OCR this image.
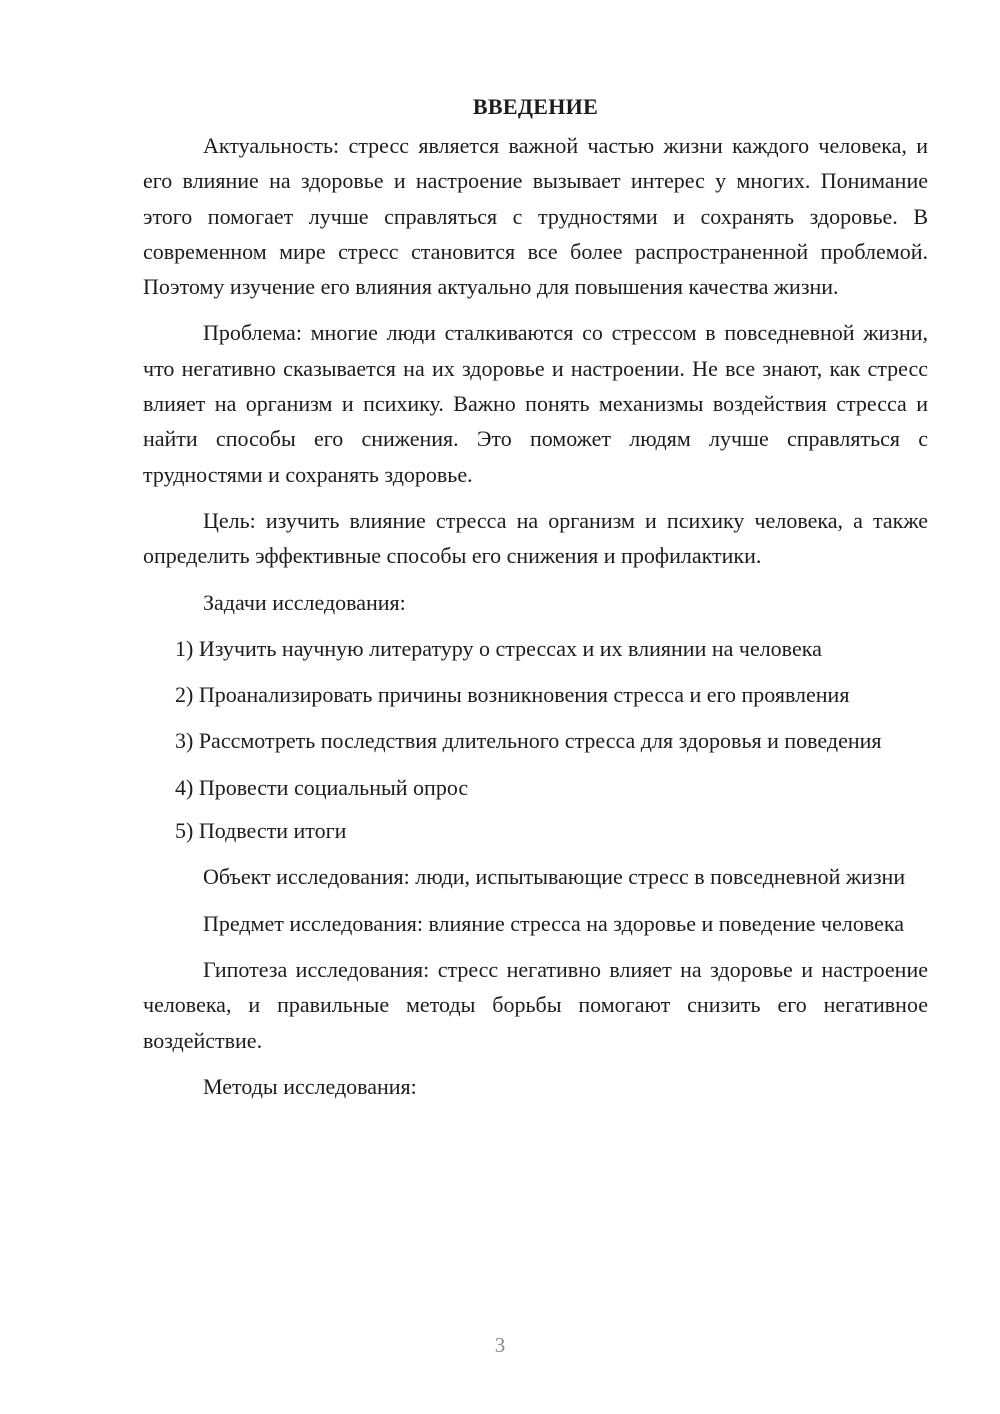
ВВЕДЕНИЕ

Актуальность: стресс является важной частью жизни каждого человека, и его влияние на здоровье и настроение вызывает интерес у многих. Понимание этого помогает лучше справляться с трудностями и сохранять здоровье. В современном мире стресс становится все более распространенной проблемой. Поэтому изучение его влияния актуально для повышения качества жизни.

Проблема: многие люди сталкиваются со стрессом в повседневной жизни, что негативно сказывается на их здоровье и настроении. Не все знают, как стресс влияет на организм и психику. Важно понять механизмы воздействия стресса и найти способы его снижения. Это поможет людям лучше справляться с трудностями и сохранять здоровье.

Цель: изучить влияние стресса на организм и психику человека, а также определить эффективные способы его снижения и профилактики.

Задачи исследования:

1) Изучить научную литературу о стрессах и их влиянии на человека

2) Проанализировать причины возникновения стресса и его проявления

3) Рассмотреть последствия длительного стресса для здоровья и поведения

4) Провести социальный опрос

5) Подвести итоги

Объект исследования: люди, испытывающие стресс в повседневной жизни

Предмет исследования: влияние стресса на здоровье и поведение человека

Гипотеза исследования: стресс негативно влияет на здоровье и настроение человека, и правильные методы борьбы помогают снизить его негативное воздействие.

Методы исследования:

3
